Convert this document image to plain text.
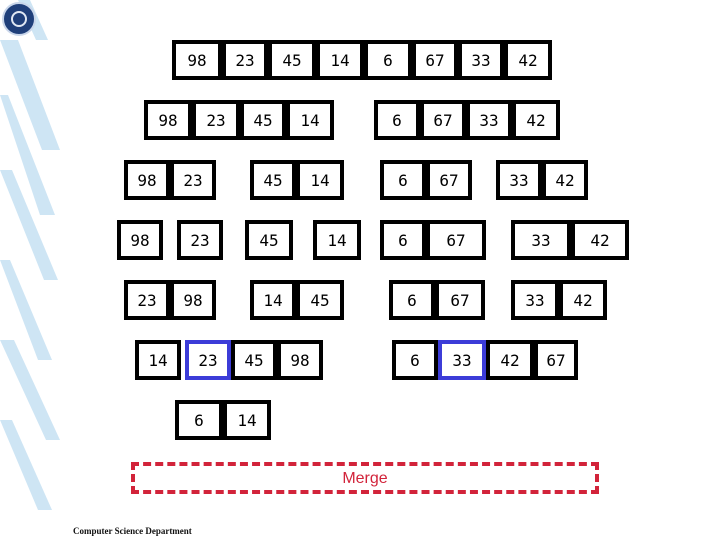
98	23	45	14	6	67	33	42
98	23	45	14	6	67	33	42
98	23	45	14	6	67	33	42
98	23	45	14	6	67	33	42
23	98	14	45	6	67	33	42
14	23	45	98	6	33	42	67
6	14
Merge
Computer Science Department
